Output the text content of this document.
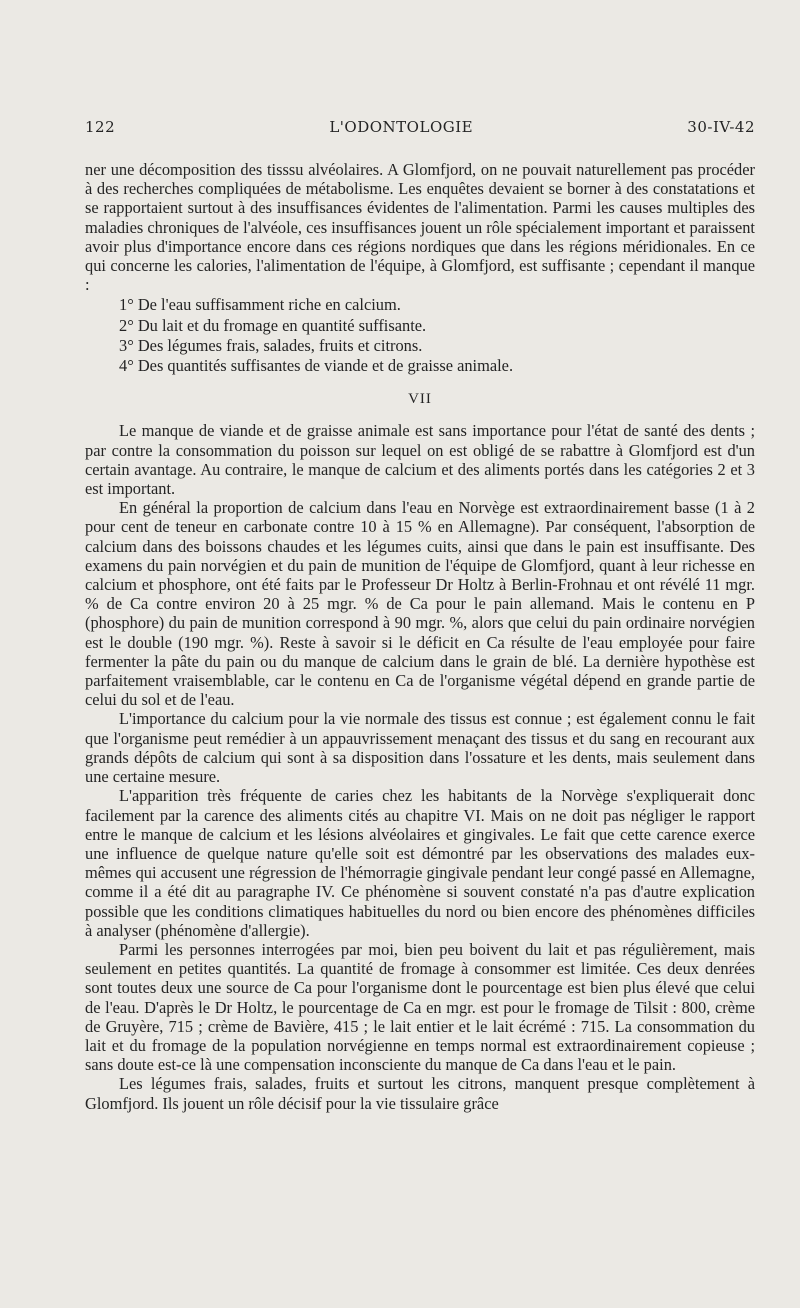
122	L'ODONTOLOGIE	30-IV-42

ner une décomposition des tisssu alvéolaires. A Glomfjord, on ne pouvait naturellement pas procéder à des recherches compliquées de métabolisme. Les enquêtes devaient se borner à des constatations et se rapportaient surtout à des insuffisances évidentes de l'alimentation. Parmi les causes multiples des maladies chroniques de l'alvéole, ces insuffisances jouent un rôle spécialement important et paraissent avoir plus d'importance encore dans ces régions nordiques que dans les régions méridionales. En ce qui concerne les calories, l'alimentation de l'équipe, à Glomfjord, est suffisante ; cependant il manque :

1° De l'eau suffisamment riche en calcium.

2° Du lait et du fromage en quantité suffisante.

3° Des légumes frais, salades, fruits et citrons.

4° Des quantités suffisantes de viande et de graisse animale.

VII

Le manque de viande et de graisse animale est sans importance pour l'état de santé des dents ; par contre la consommation du poisson sur lequel on est obligé de se rabattre à Glomfjord est d'un certain avantage. Au contraire, le manque de calcium et des aliments portés dans les catégories 2 et 3 est important.

En général la proportion de calcium dans l'eau en Norvège est extraordinairement basse (1 à 2 pour cent de teneur en carbonate contre 10 à 15 % en Allemagne). Par conséquent, l'absorption de calcium dans des boissons chaudes et les légumes cuits, ainsi que dans le pain est insuffisante. Des examens du pain norvégien et du pain de munition de l'équipe de Glomfjord, quant à leur richesse en calcium et phosphore, ont été faits par le Professeur Dr Holtz à Berlin-Frohnau et ont révélé 11 mgr. % de Ca contre environ 20 à 25 mgr. % de Ca pour le pain allemand. Mais le contenu en P (phosphore) du pain de munition correspond à 90 mgr. %, alors que celui du pain ordinaire norvégien est le double (190 mgr. %). Reste à savoir si le déficit en Ca résulte de l'eau employée pour faire fermenter la pâte du pain ou du manque de calcium dans le grain de blé. La dernière hypothèse est parfaitement vraisemblable, car le contenu en Ca de l'organisme végétal dépend en grande partie de celui du sol et de l'eau.

L'importance du calcium pour la vie normale des tissus est connue ; est également connu le fait que l'organisme peut remédier à un appauvrissement menaçant des tissus et du sang en recourant aux grands dépôts de calcium qui sont à sa disposition dans l'ossature et les dents, mais seulement dans une certaine mesure.

L'apparition très fréquente de caries chez les habitants de la Norvège s'expliquerait donc facilement par la carence des aliments cités au chapitre VI. Mais on ne doit pas négliger le rapport entre le manque de calcium et les lésions alvéolaires et gingivales. Le fait que cette carence exerce une influence de quelque nature qu'elle soit est démontré par les observations des malades eux-mêmes qui accusent une régression de l'hémorragie gingivale pendant leur congé passé en Allemagne, comme il a été dit au paragraphe IV. Ce phénomène si souvent constaté n'a pas d'autre explication possible que les conditions climatiques habituelles du nord ou bien encore des phénomènes difficiles à analyser (phénomène d'allergie).

Parmi les personnes interrogées par moi, bien peu boivent du lait et pas régulièrement, mais seulement en petites quantités. La quantité de fromage à consommer est limitée. Ces deux denrées sont toutes deux une source de Ca pour l'organisme dont le pourcentage est bien plus élevé que celui de l'eau. D'après le Dr Holtz, le pourcentage de Ca en mgr. est pour le fromage de Tilsit : 800, crème de Gruyère, 715 ; crème de Bavière, 415 ; le lait entier et le lait écrémé : 715. La consommation du lait et du fromage de la population norvégienne en temps normal est extraordinairement copieuse ; sans doute est-ce là une compensation inconsciente du manque de Ca dans l'eau et le pain.

Les légumes frais, salades, fruits et surtout les citrons, manquent presque complètement à Glomfjord. Ils jouent un rôle décisif pour la vie tissulaire grâce
